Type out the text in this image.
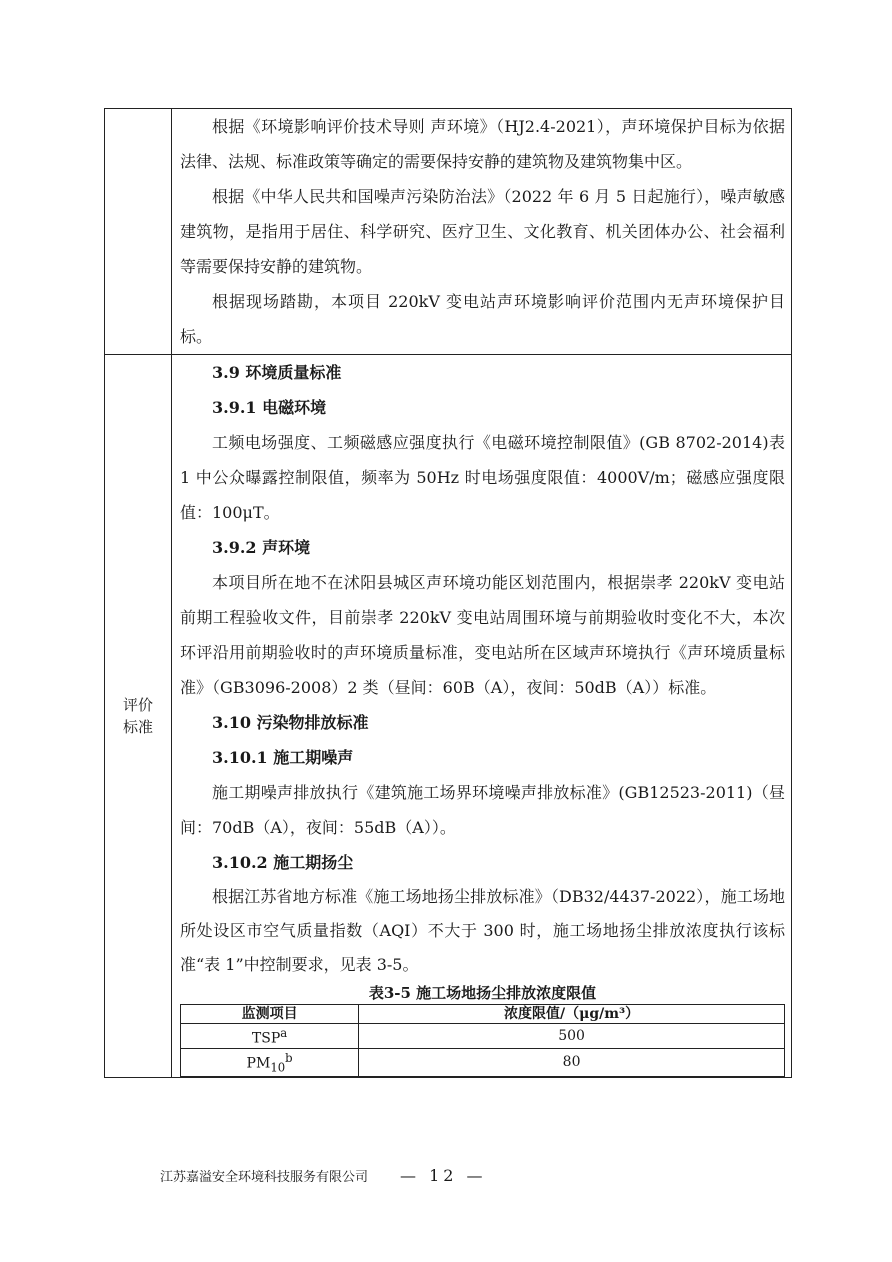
根据《环境影响评价技术导则 声环境》（HJ2.4-2021），声环境保护目标为依据法律、法规、标准政策等确定的需要保持安静的建筑物及建筑物集中区。

根据《中华人民共和国噪声污染防治法》（2022 年 6 月 5 日起施行），噪声敏感建筑物，是指用于居住、科学研究、医疗卫生、文化教育、机关团体办公、社会福利等需要保持安静的建筑物。

根据现场踏勘，本项目 220kV 变电站声环境影响评价范围内无声环境保护目标。

评价标准
3.9 环境质量标准
3.9.1 电磁环境

工频电场强度、工频磁感应强度执行《电磁环境控制限值》(GB 8702-2014)表 1 中公众曝露控制限值，频率为 50Hz 时电场强度限值：4000V/m；磁感应强度限值：100μT。

3.9.2 声环境

本项目所在地不在沭阳县城区声环境功能区划范围内，根据崇孝 220kV 变电站前期工程验收文件，目前崇孝 220kV 变电站周围环境与前期验收时变化不大，本次环评沿用前期验收时的声环境质量标准，变电站所在区域声环境执行《声环境质量标准》（GB3096-2008）2 类（昼间：60B（A），夜间：50dB（A））标准。

3.10 污染物排放标准
3.10.1 施工期噪声

施工期噪声排放执行《建筑施工场界环境噪声排放标准》(GB12523-2011)（昼间：70dB（A），夜间：55dB（A））。

3.10.2 施工期扬尘

根据江苏省地方标准《施工场地扬尘排放标准》（DB32/4437-2022），施工场地所处设区市空气质量指数（AQI）不大于 300 时，施工场地扬尘排放浓度执行该标准“表 1”中控制要求，见表 3-5。

表3-5 施工场地扬尘排放浓度限值
监测项目	浓度限值/（μg/m³）
TSP$^a$	500
$PM_{10}^b$	80
江苏嘉溢安全环境科技服务有限公司 — 12 —
